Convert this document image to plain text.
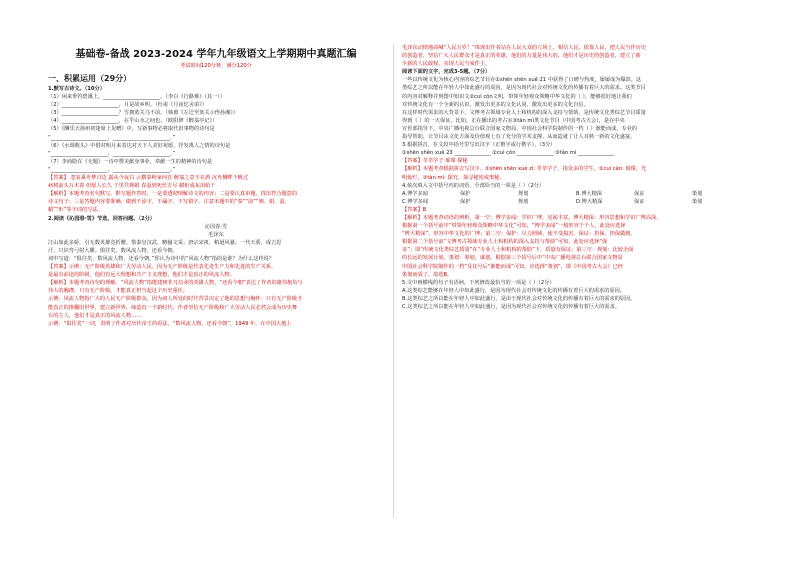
基础卷-备战 2023-2024 学年九年级语文上学期期中真题汇编
考试时间120分钟，满分120分
一、积累运用（29分）
1.默写古诗文。（10分）
（1）闲来垂钓碧溪上，______________________。（李白《行路难》（其一））
（2）______________________，月是故乡明。（杜甫《月夜忆舍弟》）
（3）______________________？雪拥蓝关马不前。（韩愈《左迁至蓝关示侄孙湘》）
（4）______________________，在乎山水之间也。（欧阳修《醉翁亭记》）
（5）《酬乐天扬州初逢席上见赠》中，写新事物必将取代旧事物的诗句是
“______________________，______________________。”
（6）《水调歌头》中借对明月来表达对天下人美好祝愿，抒发离人之情的诗句是
“______________________，______________________。”
（7）李商隐在《无题》一诗中赞美献身事业，奉献一生的精神的诗句是
“______________________，______________________。”
【答案】 忽复乘舟梦日边 露从今夜白 云横秦岭家何在 醉翁之意不在酒 沉舟侧畔千帆过
病树前头万木春 但愿人长久 千里共婵娟 春蚕到死丝方尽 蜡炬成灰泪始干
【解析】本题考查名句默写。默写题作答时，一是要透彻理解诗文的内容；二是要认真审题，找出符合题意的
诗文句子；三是答题内容要准确，做到不添字、不漏字、不写错字。注意本题中的“秦”“前”“婵、娟、蚕、
蜡”“炬”等字词的写法。
2.阅读《沁园春·雪》节选，回答问题。（2分）
沁园春·雪
毛泽东
江山如此多娇，引无数英雄竞折腰。惜秦皇汉武，略输文采；唐宗宋祖，稍逊风骚。一代天骄，成吉思
汗，只识弯弓射大雕。俱往矣，数风流人物，还看今朝。
词中写道：“俱往矣，数风流人物，还看今朝。”你认为诗中的“风流人物”指的是谁？为什么这样说？
【答案】示例：无产阶级英雄和广大劳动人民。因为无产阶级是代表先进生产力和先进的生产关系，
是最有前途的阶级，他们有远大理想和共产主义理想，他们才是真正的风流人物。
【解析】本题考查诗句的理解。“风流人物”指能建树非凡功业的英雄人物，“还看今朝”表达了作者的雄伟抱负与
伟大的胸襟，只有无产阶级，才能真正担当起这个历史重任。
示例：风流人物指广大的人民无产阶级群众，因为词人所处的时代背景决定了他的思想与胸怀：只有无产阶级才
能真正的推翻旧世界，建立新世界，缔造出一个新时代。作者坚信无产阶级和广大劳动人民必然会成为历史舞
台的主人，他们才是真正的风流人物……
示例：“俱往矣”一词，表明了作者对历代帝王的看法，“数风流人物，还看今朝”，1949 年，在中国大地上
毛泽东动情地高喊“人民万岁！”体现出作者站在人民大众的立场上，相信人民，依靠人民，把人民当作历史
的创造者，坚信广大人民群众才是真正的英雄，他们的力量是伟大的，他们才是历史的创造者，建立了新
全新的人民政权，实现人民当家作主。
阅读下面的文字，完成3-5题。（7分）
一些以传统文化为核心内容的综艺节目在①shēn shēn xuě 21 中获得了口碑与热度，屡屡成为爆款。这
类综艺之所以能在年轻人中如此盛行的原因，是因为现代社会对传统文化的传播有着巨大的需求。这类节目
的内容对解释并到图中知识文②cuì cǒn文明，带领年轻观众领略中华文化的（ ），能够很好地让我们
对传统文化有一个全新的认识，激发出更多的文化认同，激发出更多的文化自信。
在这样时代需求的大背景下，文博考古领域专业人士和机构的深入支持与帮助，是传统文化类综艺节目质量
得到（ ）的一大保证。比如，正在播出的考古室③tǎn mì类文化节目（中国考古大会），是在中央
宣传部指导下，中央广播电视总台联合国家文物局、中国社会科学院制作的一档（ ）渐能而成。专业的
指导帮助，让节目从文化方面及价值观上有了充分的学术支撑，从而造就了让人耳熟一新的文化盛宴。
3.根据拼音，在文段中括号里写出汉字（正楷字或行楷字）。（3分）
①shēn shēn xuě 23 ______________ ②cuì cǒn ______________ ③tǎn mì ______________
【答案】莘莘学子 璀璨 探秘
【解析】本题考查根据拼音写汉字。①shēn shēn xué zǐ: 莘莘学子，指众多的学生。②cuì càn: 璀璨，光
明灿烂。③tàn mì: 探究，探寻秘密或奥秘。
4.依次填入文中括号内的词语，全部恰当的一项是（ ）（2分）
A.博学多闻	保护	规划	B.博大精深	保证	策划
C.博学多闻	保护	规划	D.博大精深	保证	策划
【答案】B
【解析】本题考查词语的辨析。第一空：博学多闻：学识广博，见闻丰富。博大精深：形容思想和学识广博高深，
根据第一个括号前中“带领年轻观众领略中华文化”可知，“博学多闻”一般形容于个人，此处应选择
“博大精深”，形容中华文化的广博；第二空：保护：尽力照顾，使不受损害。保证：担保，担保做到。
根据第二个括号前“文博考古领域专业人士和机构的深入支持与帮助”可知，此处应选择“保
证”；即“传统文化类综艺质量”在“专业人士和机构的帮助”下，质量有保证；第三空：规划：比较全面
的长远的发展计划。策划：筹划，谋划。根据第三个括号后中“中央广播电视总台联合国家文物局
中国社会科学院制作的一档”及其号后“渐能而成”可知，应选择“策划”，即《中国考古大会》已经
策划而成了。故选B。
5.文中画横线的句子有语病，下列修改最恰当的一项是（ ）（2分）
A.这类综艺能够在年轻人中如此盛行，是因为现代社会对传统文化的传播有着巨大的需求的原因。
B.这类综艺之所以能在年轻人中如此盛行，是由于现代社会对传统文化的传播有着巨大的需求的原因。
C.这类综艺之所以能在年轻人中如此盛行，是因为现代社会对传统文化的传播有着巨大的需求。
